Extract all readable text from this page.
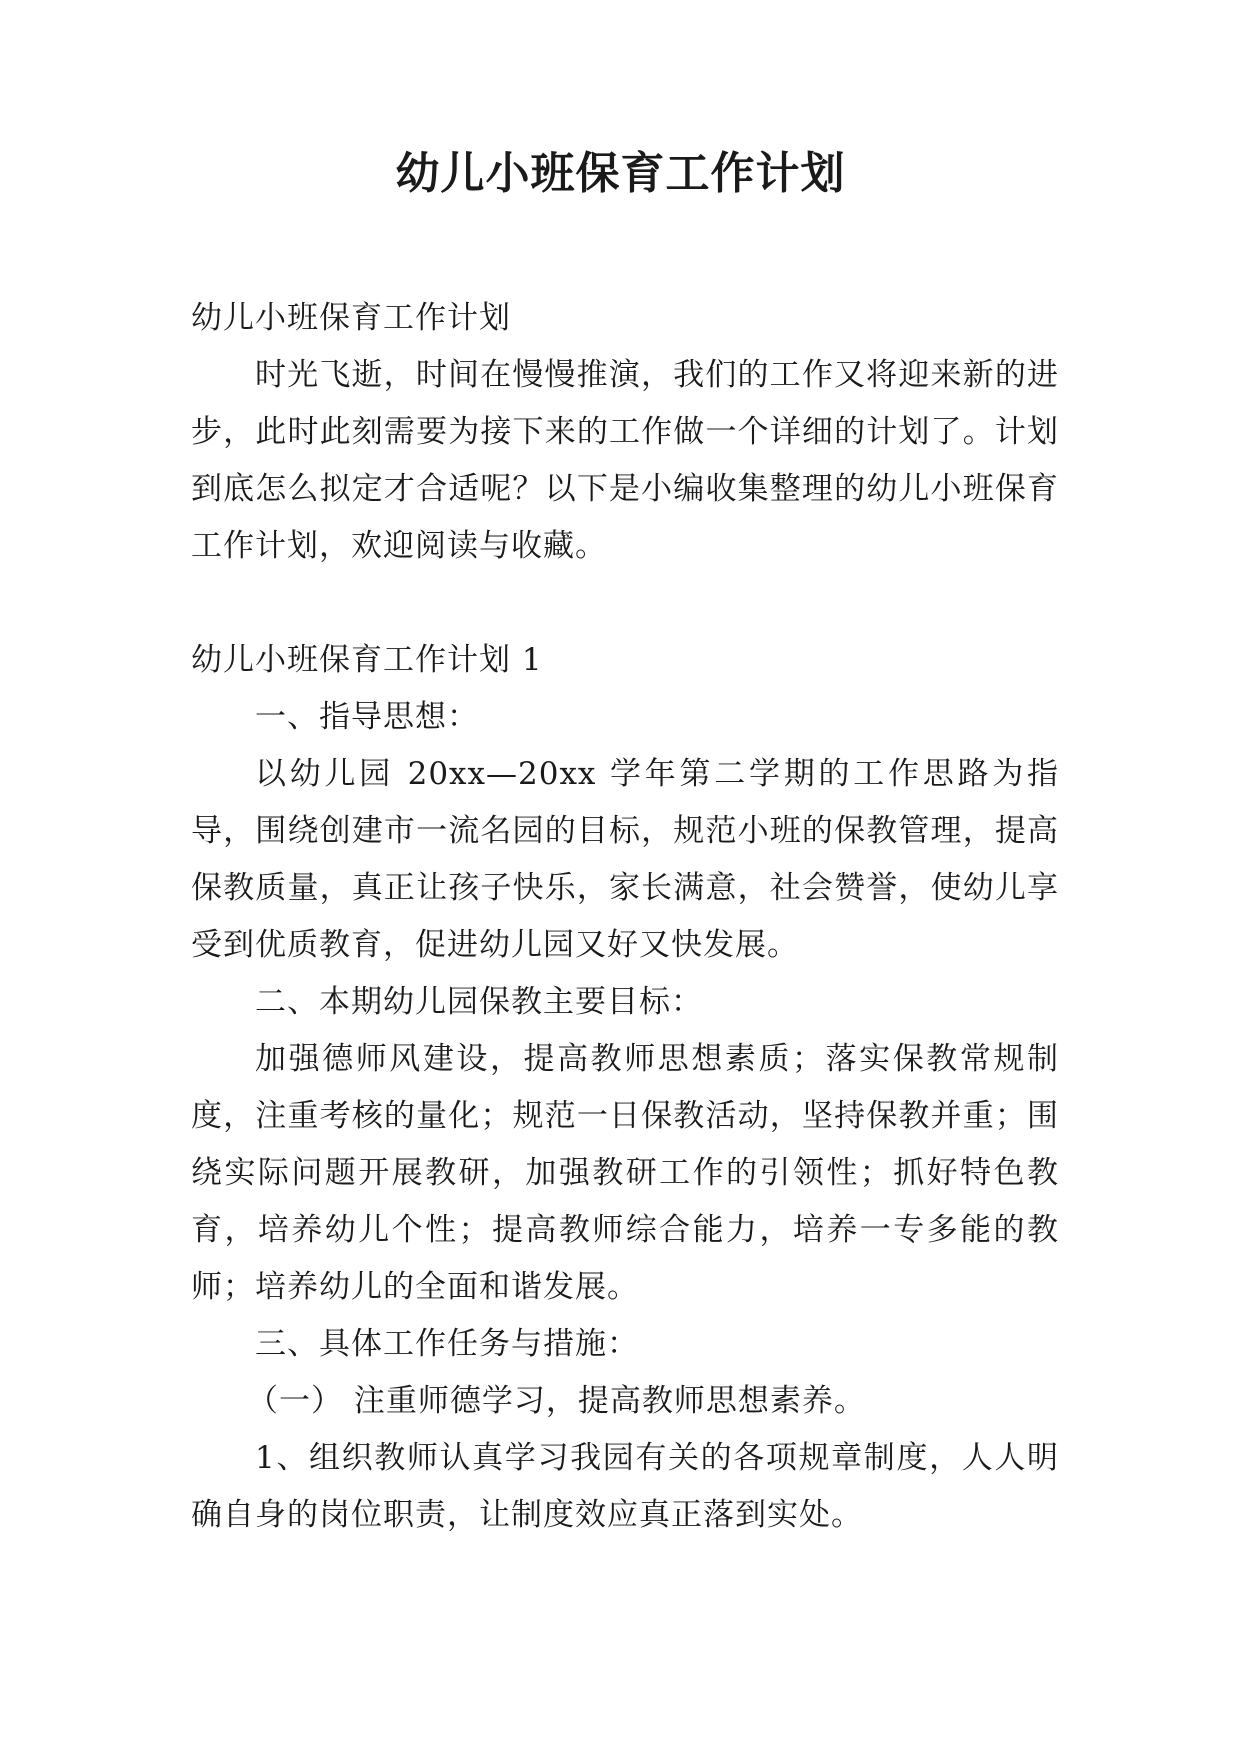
幼儿小班保育工作计划

幼儿小班保育工作计划

时光飞逝，时间在慢慢推演，我们的工作又将迎来新的进步，此时此刻需要为接下来的工作做一个详细的计划了。计划到底怎么拟定才合适呢？以下是小编收集整理的幼儿小班保育工作计划，欢迎阅读与收藏。

幼儿小班保育工作计划 1

一、指导思想：

以幼儿园 20xx—20xx 学年第二学期的工作思路为指导，围绕创建市一流名园的目标，规范小班的保教管理，提高保教质量，真正让孩子快乐，家长满意，社会赞誉，使幼儿享受到优质教育，促进幼儿园又好又快发展。

二、本期幼儿园保教主要目标：

加强德师风建设，提高教师思想素质；落实保教常规制度，注重考核的量化；规范一日保教活动，坚持保教并重；围绕实际问题开展教研，加强教研工作的引领性；抓好特色教育，培养幼儿个性；提高教师综合能力，培养一专多能的教师；培养幼儿的全面和谐发展。

三、具体工作任务与措施：

（一） 注重师德学习，提高教师思想素养。

1、组织教师认真学习我园有关的各项规章制度，人人明确自身的岗位职责，让制度效应真正落到实处。
